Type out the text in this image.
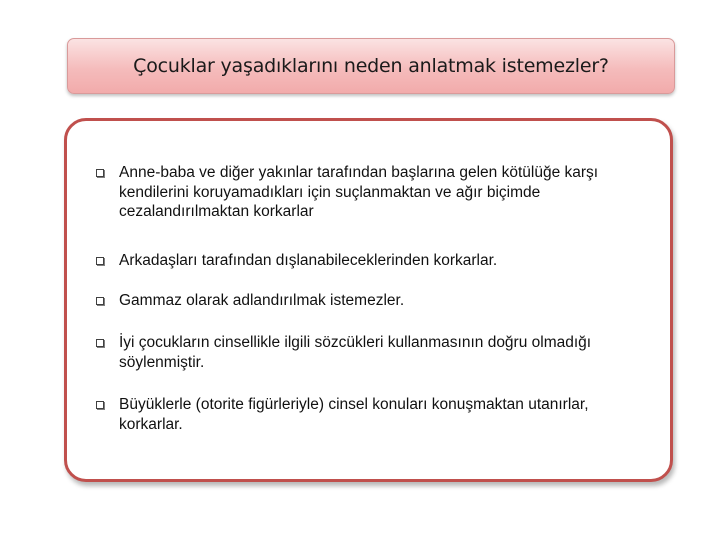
Çocuklar yaşadıklarını neden anlatmak istemezler?
Anne-baba ve diğer yakınlar tarafından başlarına gelen kötülüğe karşı kendilerini koruyamadıkları için suçlanmaktan ve ağır biçimde cezalandırılmaktan korkarlar
Arkadaşları tarafından dışlanabileceklerinden korkarlar.
Gammaz olarak adlandırılmak istemezler.
İyi çocukların cinsellikle ilgili sözcükleri kullanmasının doğru olmadığı söylenmiştir.
Büyüklerle (otorite figürleriyle) cinsel konuları konuşmaktan utanırlar, korkarlar.
